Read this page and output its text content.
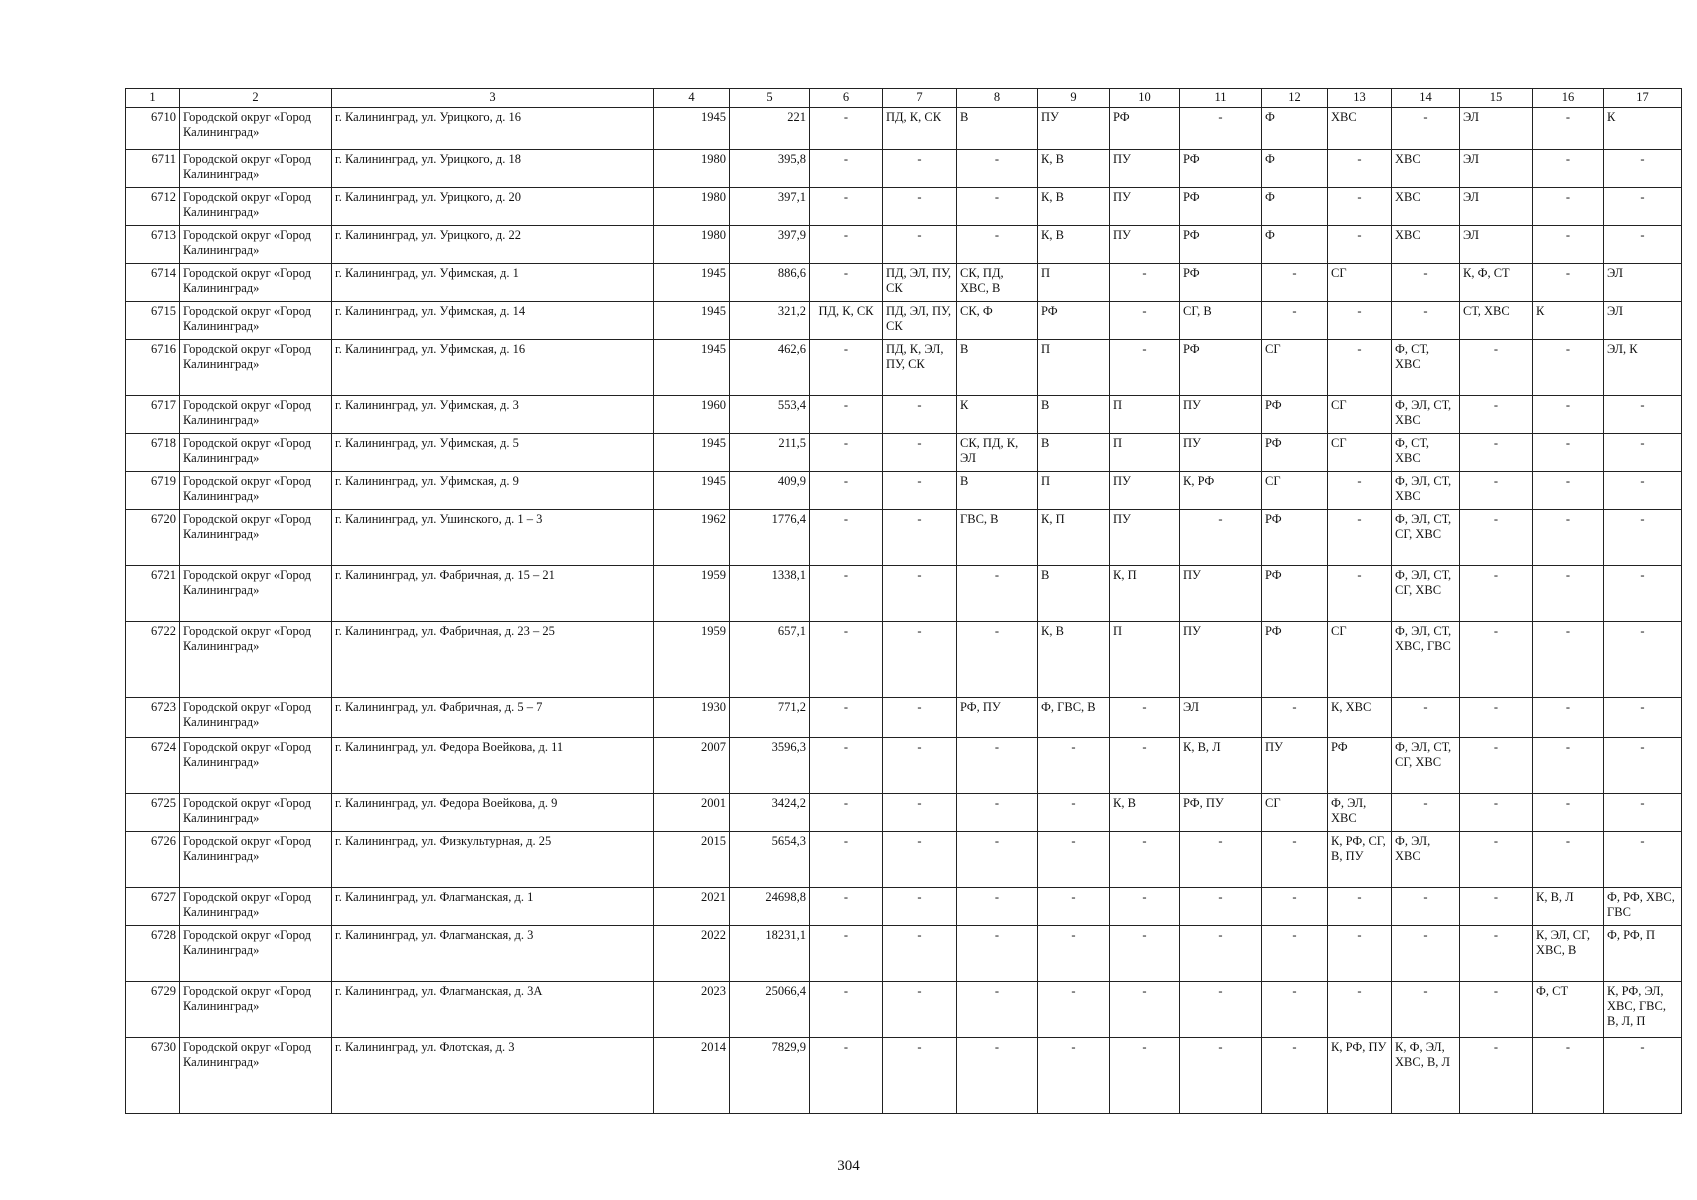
1	2	3	4	5	6	7	8	9	10	11	12	13	14	15	16	17
6710	Городской округ «Город Калининград»	г. Калининград, ул. Урицкого, д. 16	1945	221	-	ПД, К, СК	В	ПУ	РФ	-	Ф	ХВС	-	ЭЛ	-	К
6711	Городской округ «Город Калининград»	г. Калининград, ул. Урицкого, д. 18	1980	395,8	-	-	-	К, В	ПУ	РФ	Ф	-	ХВС	ЭЛ	-	-
6712	Городской округ «Город Калининград»	г. Калининград, ул. Урицкого, д. 20	1980	397,1	-	-	-	К, В	ПУ	РФ	Ф	-	ХВС	ЭЛ	-	-
6713	Городской округ «Город Калининград»	г. Калининград, ул. Урицкого, д. 22	1980	397,9	-	-	-	К, В	ПУ	РФ	Ф	-	ХВС	ЭЛ	-	-
6714	Городской округ «Город Калининград»	г. Калининград, ул. Уфимская, д. 1	1945	886,6	-	ПД, ЭЛ, ПУ, СК	СК, ПД, ХВС, В	П	-	РФ	-	СГ	-	К, Ф, СТ	-	ЭЛ
6715	Городской округ «Город Калининград»	г. Калининград, ул. Уфимская, д. 14	1945	321,2	ПД, К, СК	ПД, ЭЛ, ПУ, СК	СК, Ф	РФ	-	СГ, В	-	-	-	СТ, ХВС	К	ЭЛ
6716	Городской округ «Город Калининград»	г. Калининград, ул. Уфимская, д. 16	1945	462,6	-	ПД, К, ЭЛ, ПУ, СК	В	П	-	РФ	СГ	-	Ф, СТ, ХВС	-	-	ЭЛ, К
6717	Городской округ «Город Калининград»	г. Калининград, ул. Уфимская, д. 3	1960	553,4	-	-	К	В	П	ПУ	РФ	СГ	Ф, ЭЛ, СТ, ХВС	-	-	-
6718	Городской округ «Город Калининград»	г. Калининград, ул. Уфимская, д. 5	1945	211,5	-	-	СК, ПД, К, ЭЛ	В	П	ПУ	РФ	СГ	Ф, СТ, ХВС	-	-	-
6719	Городской округ «Город Калининград»	г. Калининград, ул. Уфимская, д. 9	1945	409,9	-	-	В	П	ПУ	К, РФ	СГ	-	Ф, ЭЛ, СТ, ХВС	-	-	-
6720	Городской округ «Город Калининград»	г. Калининград, ул. Ушинского, д. 1 – 3	1962	1776,4	-	-	ГВС, В	К, П	ПУ	-	РФ	-	Ф, ЭЛ, СТ, СГ, ХВС	-	-	-
6721	Городской округ «Город Калининград»	г. Калининград, ул. Фабричная, д. 15 – 21	1959	1338,1	-	-	-	В	К, П	ПУ	РФ	-	Ф, ЭЛ, СТ, СГ, ХВС	-	-	-
6722	Городской округ «Город Калининград»	г. Калининград, ул. Фабричная, д. 23 – 25	1959	657,1	-	-	-	К, В	П	ПУ	РФ	СГ	Ф, ЭЛ, СТ, ХВС, ГВС	-	-	-
6723	Городской округ «Город Калининград»	г. Калининград, ул. Фабричная, д. 5 – 7	1930	771,2	-	-	РФ, ПУ	Ф, ГВС, В	-	ЭЛ	-	К, ХВС	-	-	-	-
6724	Городской округ «Город Калининград»	г. Калининград, ул. Федора Воейкова, д. 11	2007	3596,3	-	-	-	-	-	К, В, Л	ПУ	РФ	Ф, ЭЛ, СТ, СГ, ХВС	-	-	-
6725	Городской округ «Город Калининград»	г. Калининград, ул. Федора Воейкова, д. 9	2001	3424,2	-	-	-	-	К, В	РФ, ПУ	СГ	Ф, ЭЛ, ХВС	-	-	-	-
6726	Городской округ «Город Калининград»	г. Калининград, ул. Физкультурная, д. 25	2015	5654,3	-	-	-	-	-	-	-	К, РФ, СГ, В, ПУ	Ф, ЭЛ, ХВС	-	-	-
6727	Городской округ «Город Калининград»	г. Калининград, ул. Флагманская, д. 1	2021	24698,8	-	-	-	-	-	-	-	-	-	-	К, В, Л	Ф, РФ, ХВС, ГВС
6728	Городской округ «Город Калининград»	г. Калининград, ул. Флагманская, д. 3	2022	18231,1	-	-	-	-	-	-	-	-	-	-	К, ЭЛ, СГ, ХВС, В	Ф, РФ, П
6729	Городской округ «Город Калининград»	г. Калининград, ул. Флагманская, д. 3А	2023	25066,4	-	-	-	-	-	-	-	-	-	-	Ф, СТ	К, РФ, ЭЛ, ХВС, ГВС, В, Л, П
6730	Городской округ «Город Калининград»	г. Калининград, ул. Флотская, д. 3	2014	7829,9	-	-	-	-	-	-	-	К, РФ, ПУ	К, Ф, ЭЛ, ХВС, В, Л	-	-	-
304
